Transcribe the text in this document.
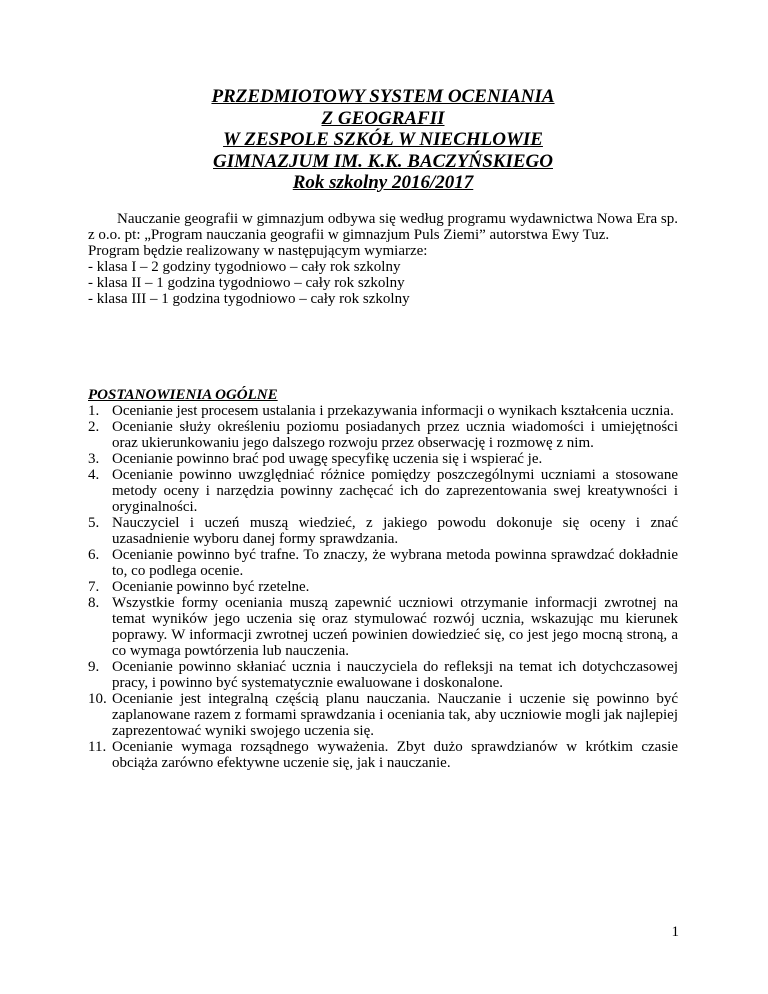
PRZEDMIOTOWY SYSTEM OCENIANIA
Z GEOGRAFII
W ZESPOLE SZKÓŁ W NIECHLOWIE
GIMNAZJUM IM. K.K. BACZYŃSKIEGO
Rok szkolny 2016/2017
Nauczanie geografii w gimnazjum odbywa się według programu wydawnictwa Nowa Era sp. z o.o. pt: „Program nauczania geografii w gimnazjum Puls Ziemi” autorstwa Ewy Tuz.
Program będzie realizowany w następującym wymiarze:
- klasa I – 2 godziny tygodniowo – cały rok szkolny
- klasa II – 1 godzina tygodniowo – cały rok szkolny
- klasa III – 1 godzina tygodniowo – cały rok szkolny
POSTANOWIENIA OGÓLNE
1. Ocenianie jest procesem ustalania i przekazywania informacji o wynikach kształcenia ucznia.
2. Ocenianie służy określeniu poziomu posiadanych przez ucznia wiadomości i umiejętności oraz ukierunkowaniu jego dalszego rozwoju przez obserwację i rozmowę z nim.
3. Ocenianie powinno brać pod uwagę specyfikę uczenia się i wspierać je.
4. Ocenianie powinno uwzględniać różnice pomiędzy poszczególnymi uczniami a stosowane metody oceny i narzędzia powinny zachęcać ich do zaprezentowania swej kreatywności i oryginalności.
5. Nauczyciel i uczeń muszą wiedzieć, z jakiego powodu dokonuje się oceny i znać uzasadnienie wyboru danej formy sprawdzania.
6. Ocenianie powinno być trafne. To znaczy, że wybrana metoda powinna sprawdzać dokładnie to, co podlega ocenie.
7. Ocenianie powinno być rzetelne.
8. Wszystkie formy oceniania muszą zapewnić uczniowi otrzymanie informacji zwrotnej na temat wyników jego uczenia się oraz stymulować rozwój ucznia, wskazując mu kierunek poprawy. W informacji zwrotnej uczeń powinien dowiedzieć się, co jest jego mocną stroną, a co wymaga powtórzenia lub nauczenia.
9. Ocenianie powinno skłaniać ucznia i nauczyciela do refleksji na temat ich dotychczasowej pracy, i powinno być systematycznie ewaluowane i doskonalone.
10. Ocenianie jest integralną częścią planu nauczania. Nauczanie i uczenie się powinno być zaplanowane razem z formami sprawdzania i oceniania tak, aby uczniowie mogli jak najlepiej zaprezentować wyniki swojego uczenia się.
11. Ocenianie wymaga rozsądnego wyważenia. Zbyt dużo sprawdzianów w krótkim czasie obciąża zarówno efektywne uczenie się, jak i nauczanie.
1
